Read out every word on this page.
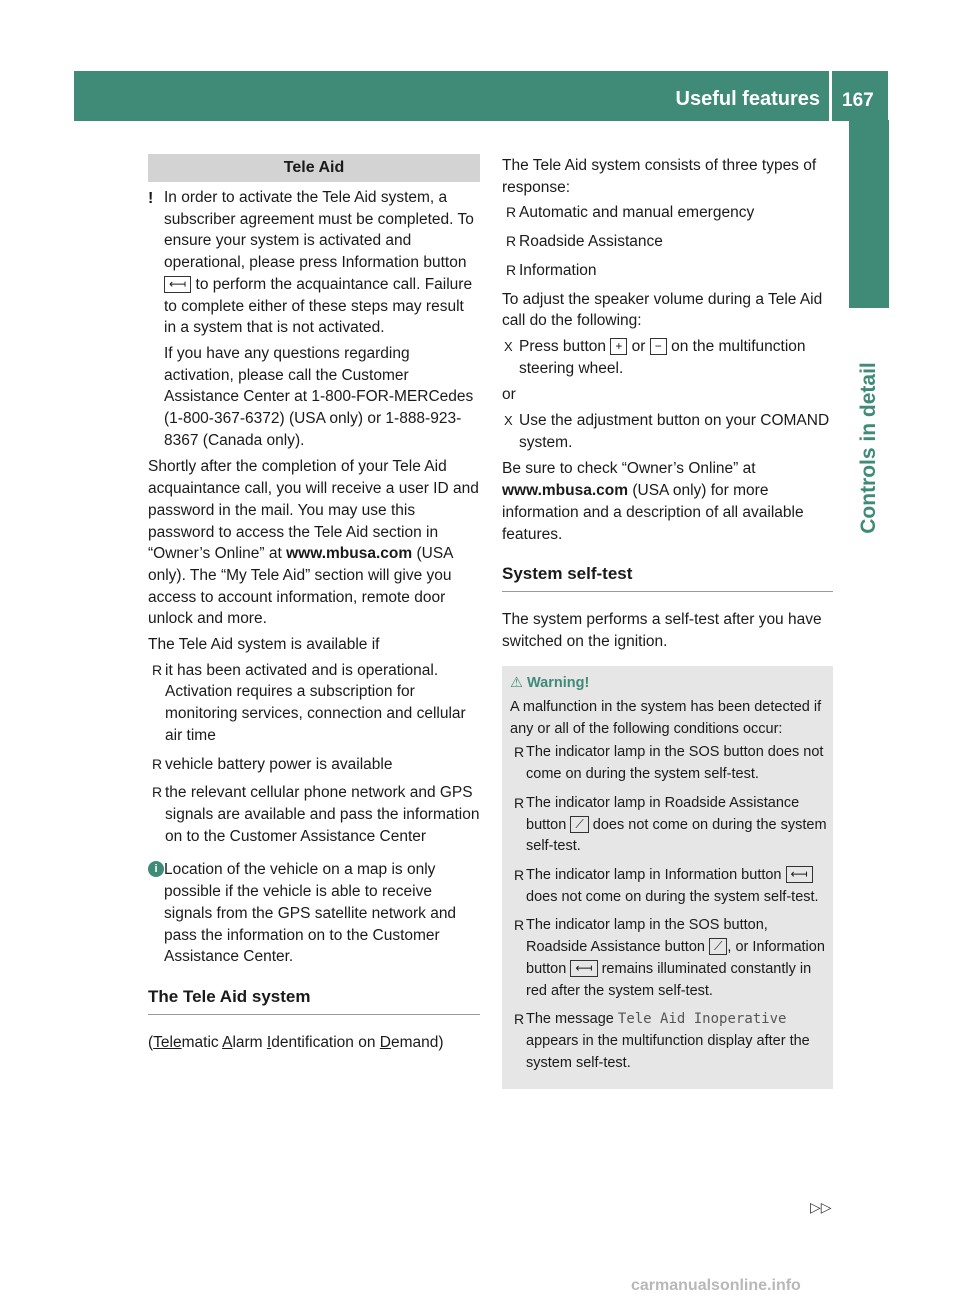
Useful features 167
Controls in detail
Tele Aid
! In order to activate the Tele Aid system, a subscriber agreement must be completed. To ensure your system is activated and operational, please press Information button ⟻ to perform the acquaintance call. Failure to complete either of these steps may result in a system that is not activated.

If you have any questions regarding activation, please call the Customer Assistance Center at 1-800-FOR-MERCedes (1-800-367-6372) (USA only) or 1-888-923-8367 (Canada only).

Shortly after the completion of your Tele Aid acquaintance call, you will receive a user ID and password in the mail. You may use this password to access the Tele Aid section in “Owner’s Online” at www.mbusa.com (USA only). The “My Tele Aid” section will give you access to account information, remote door unlock and more.

The Tele Aid system is available if

R it has been activated and is operational. Activation requires a subscription for monitoring services, connection and cellular air time
R vehicle battery power is available
R the relevant cellular phone network and GPS signals are available and pass the information on to the Customer Assistance Center
i Location of the vehicle on a map is only possible if the vehicle is able to receive signals from the GPS satellite network and pass the information on to the Customer Assistance Center.
The Tele Aid system

(Telematic Alarm Identification on Demand)

The Tele Aid system consists of three types of response:

R Automatic and manual emergency
R Roadside Assistance
R Information

To adjust the speaker volume during a Tele Aid call do the following:

X Press button + or − on the multifunction steering wheel.

or

X Use the adjustment button on your COMAND system.

Be sure to check “Owner’s Online” at www.mbusa.com (USA only) for more information and a description of all available features.

System self-test

The system performs a self-test after you have switched on the ignition.

⚠ Warning!

A malfunction in the system has been detected if any or all of the following conditions occur:

R The indicator lamp in the SOS button does not come on during the system self-test.
R The indicator lamp in Roadside Assistance button ⟋ does not come on during the system self-test.
R The indicator lamp in Information button ⟻ does not come on during the system self-test.
R The indicator lamp in the SOS button, Roadside Assistance button ⟋ , or Information button ⟻ remains illuminated constantly in red after the system self-test.
R The message Tele Aid Inoperative appears in the multifunction display after the system self-test.
▷▷
carmanualsonline.info
